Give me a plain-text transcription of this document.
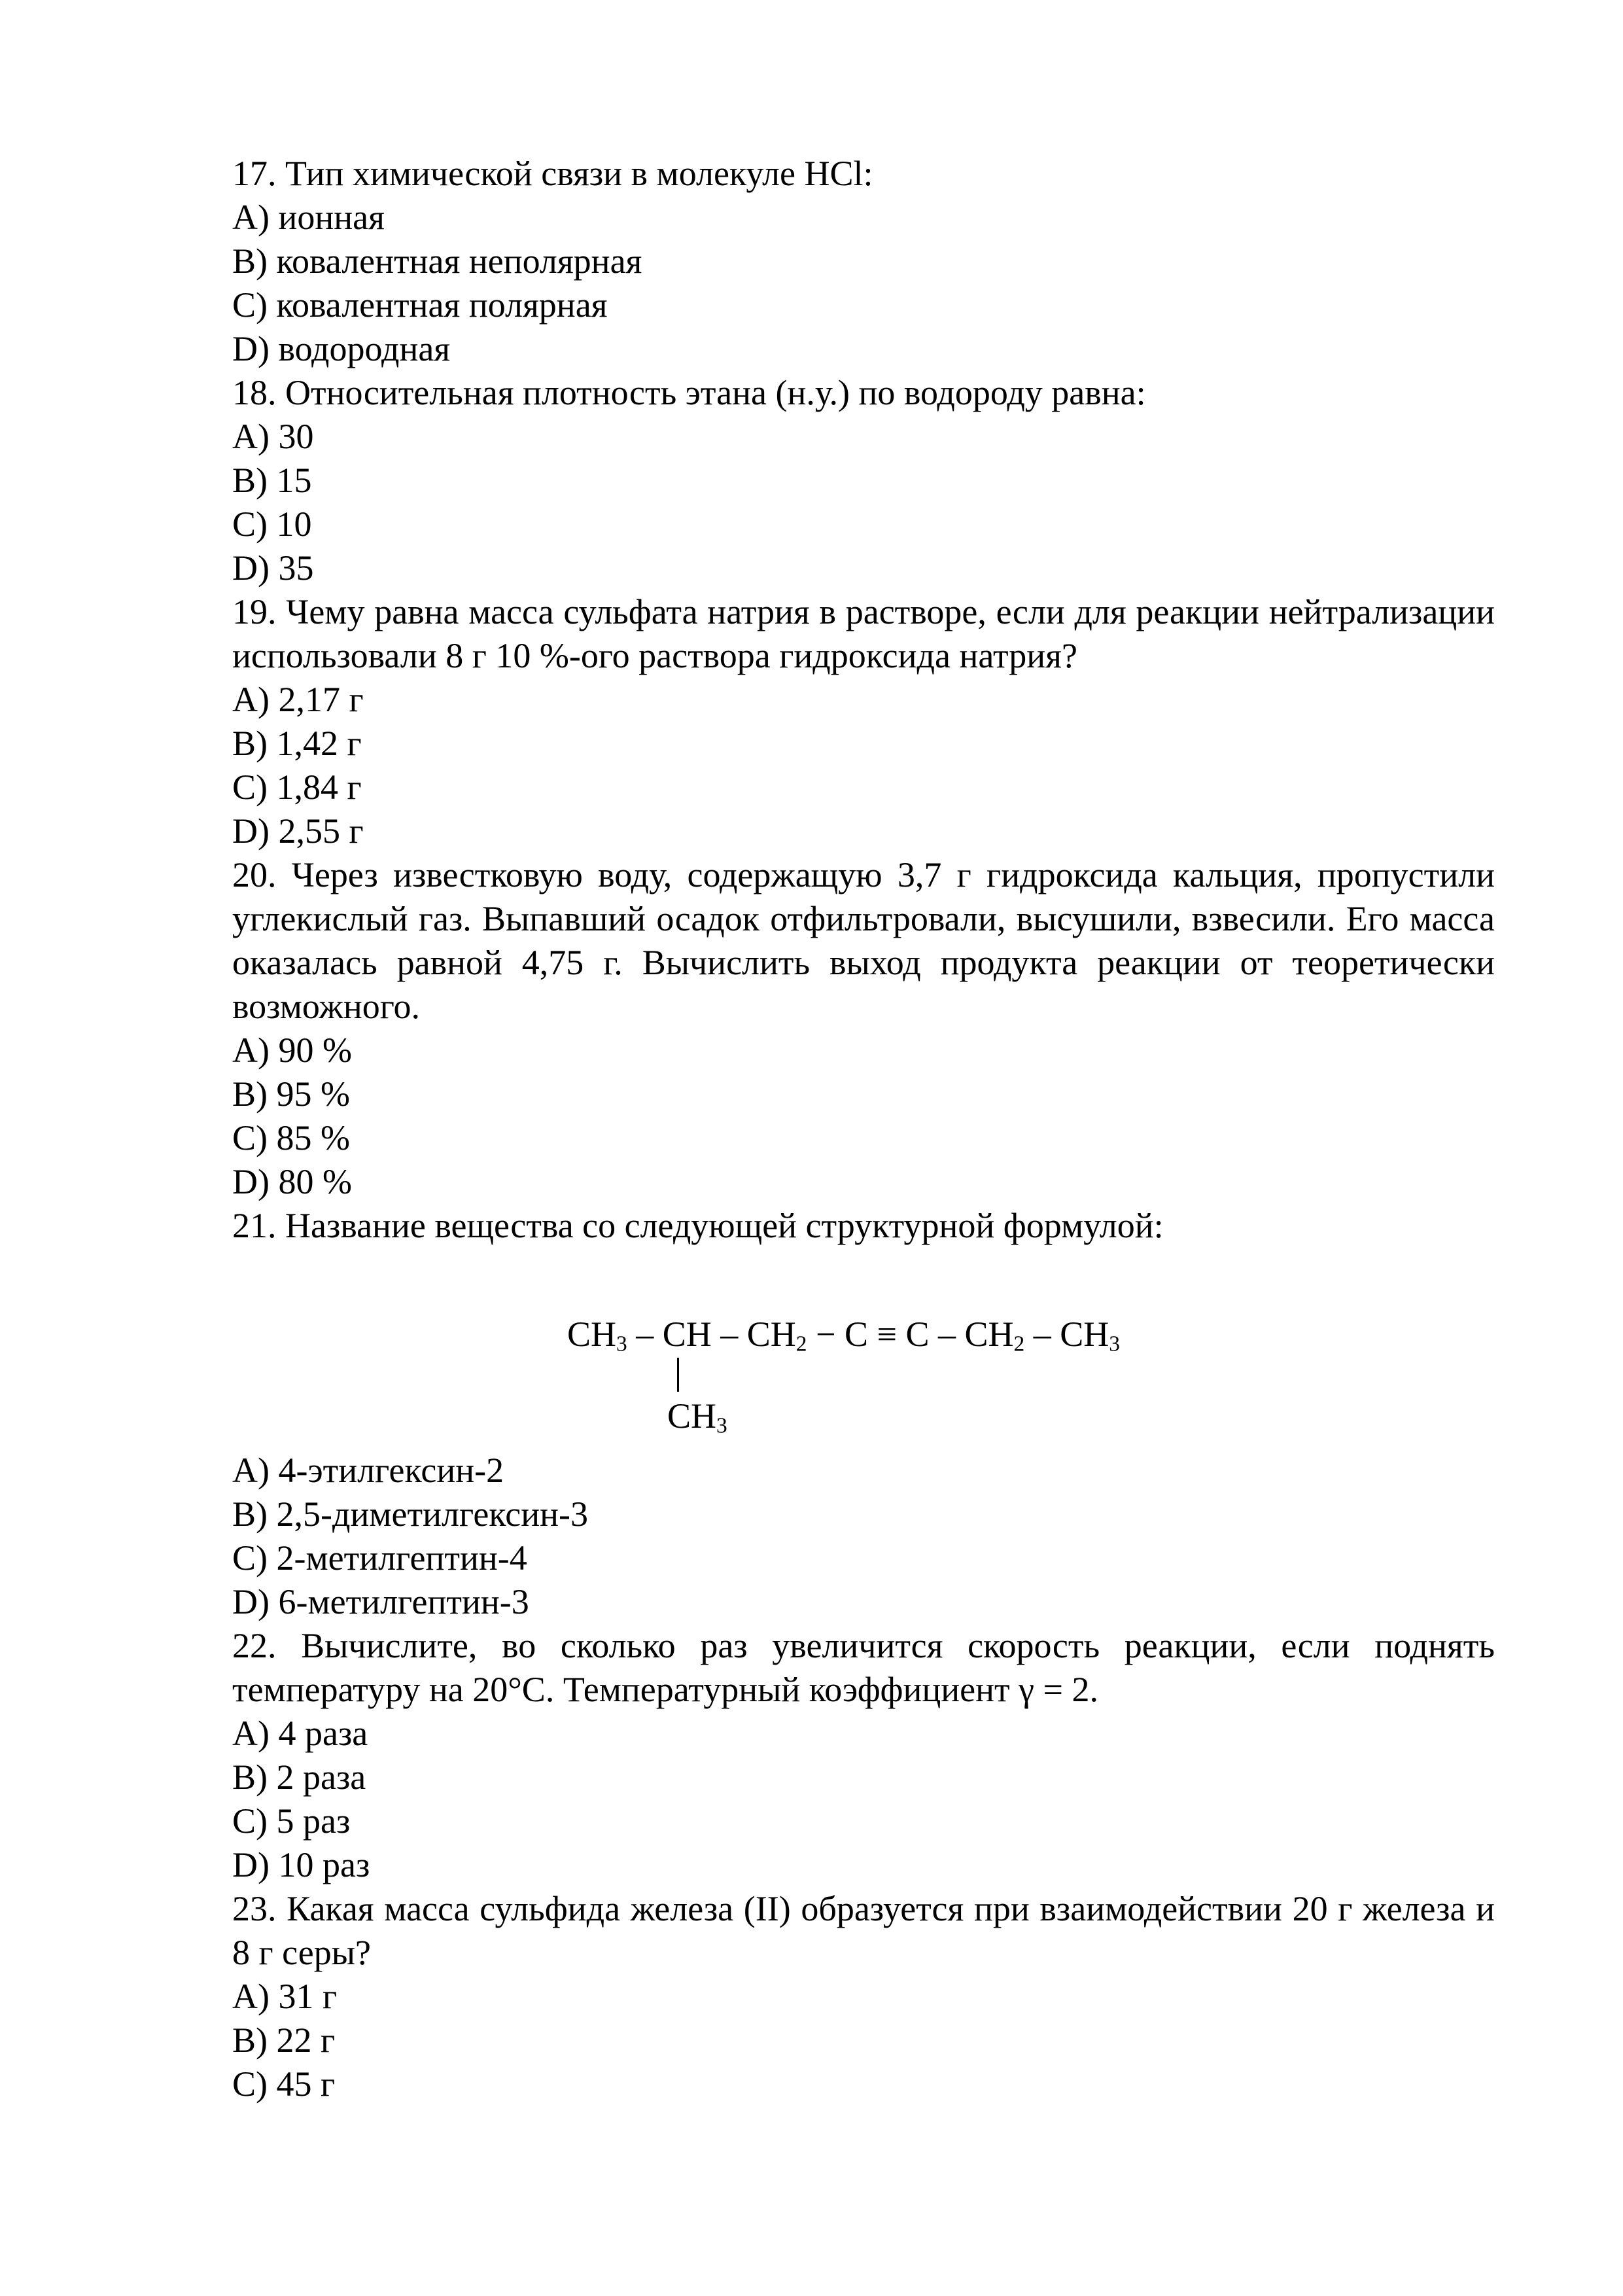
17. Тип химической связи в молекуле HCl:

A) ионная

B) ковалентная неполярная

C) ковалентная полярная

D) водородная

18. Относительная плотность этана (н.у.) по водороду равна:

A) 30

B) 15

C) 10

D) 35

19. Чему равна масса сульфата натрия в растворе, если для реакции нейтрализации использовали 8 г 10 %-ого раствора гидроксида натрия?

A) 2,17 г

B) 1,42 г

C) 1,84 г

D) 2,55 г

20. Через известковую воду, содержащую 3,7 г гидроксида кальция, пропустили углекислый газ. Выпавший осадок отфильтровали, высушили, взвесили. Его масса оказалась равной 4,75 г. Вычислить выход продукта реакции от теоретически возможного.

A) 90 %

B) 95 %

C) 85 %

D) 80 %

21. Название вещества со следующей структурной формулой:

$CH_3$ – CH – $CH_2 - C \equiv C - CH_2 - CH_3$
$CH_3$

A) 4-этилгексин-2

B) 2,5-диметилгексин-3

C) 2-метилгептин-4

D) 6-метилгептин-3

22. Вычислите, во сколько раз увеличится скорость реакции, если поднять температуру на 20°С. Температурный коэффициент γ = 2.

A) 4 раза

B) 2 раза

C) 5 раз

D) 10 раз

23. Какая масса сульфида железа (II) образуется при взаимодействии 20 г железа и 8 г серы?

A) 31 г

B) 22 г

C) 45 г
